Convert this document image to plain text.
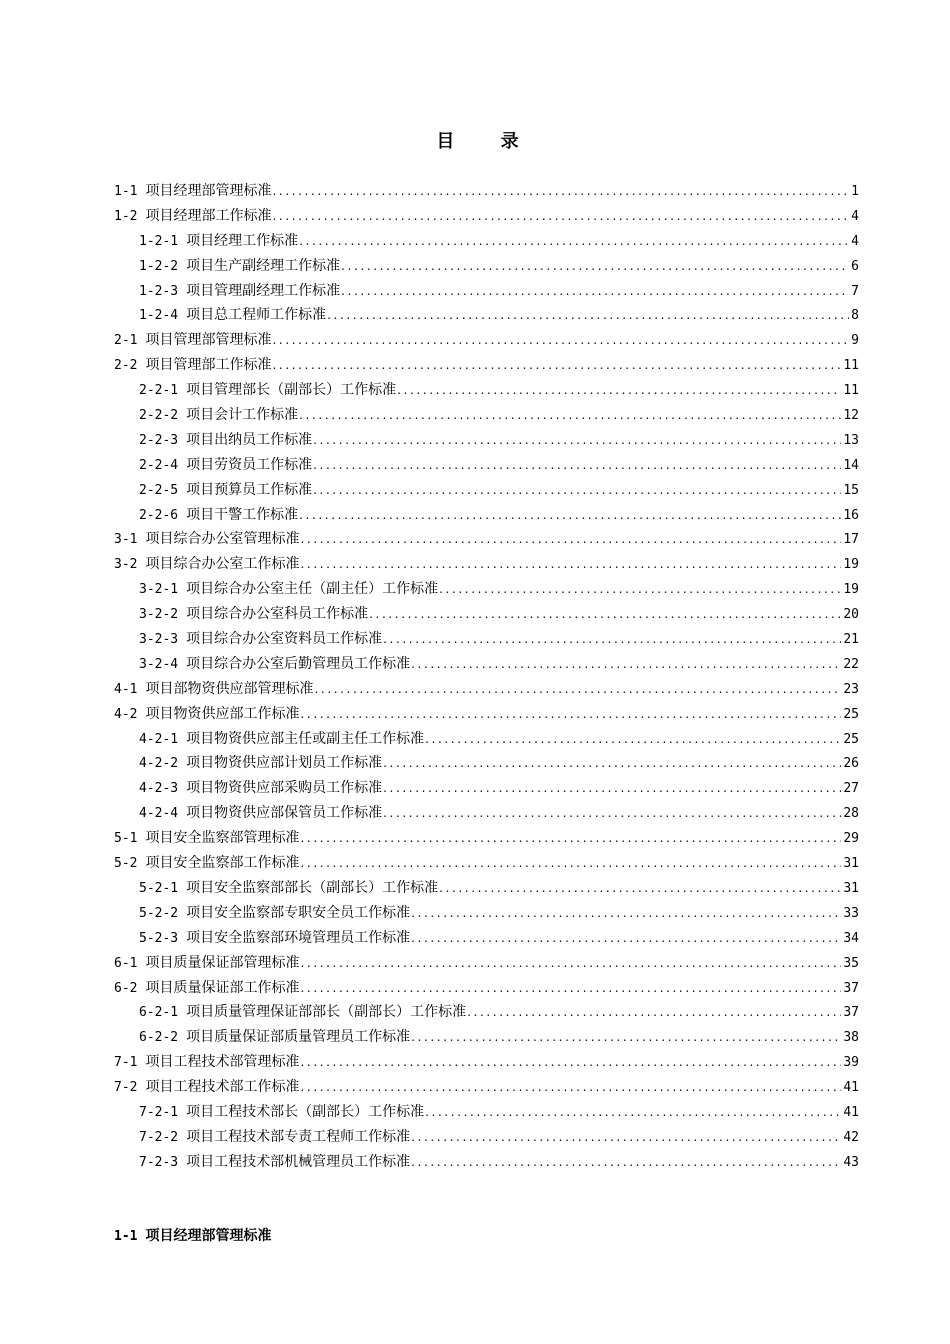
目 录
1-1 项目经理部管理标准 .....	1
1-2 项目经理部工作标准 .....	4
1-2-1 项目经理工作标准 .....	4
1-2-2 项目生产副经理工作标准 .....	6
1-2-3 项目管理副经理工作标准 .....	7
1-2-4 项目总工程师工作标准 .....	8
2-1 项目管理部管理标准 .....	9
2-2 项目管理部工作标准 .....	11
2-2-1 项目管理部长（副部长）工作标准 .....	11
2-2-2 项目会计工作标准 .....	12
2-2-3 项目出纳员工作标准 .....	13
2-2-4 项目劳资员工作标准 .....	14
2-2-5 项目预算员工作标准 .....	15
2-2-6 项目干警工作标准 .....	16
3-1 项目综合办公室管理标准 .....	17
3-2 项目综合办公室工作标准 .....	19
3-2-1 项目综合办公室主任（副主任）工作标准 .....	19
3-2-2 项目综合办公室科员工作标准 .....	20
3-2-3 项目综合办公室资料员工作标准 .....	21
3-2-4 项目综合办公室后勤管理员工作标准 .....	22
4-1 项目部物资供应部管理标准 .....	23
4-2 项目物资供应部工作标准 .....	25
4-2-1 项目物资供应部主任或副主任工作标准 .....	25
4-2-2 项目物资供应部计划员工作标准 .....	26
4-2-3 项目物资供应部采购员工作标准 .....	27
4-2-4 项目物资供应部保管员工作标准 .....	28
5-1 项目安全监察部管理标准 .....	29
5-2 项目安全监察部工作标准 .....	31
5-2-1 项目安全监察部部长（副部长）工作标准 .....	31
5-2-2 项目安全监察部专职安全员工作标准 .....	33
5-2-3 项目安全监察部环境管理员工作标准 .....	34
6-1 项目质量保证部管理标准 .....	35
6-2 项目质量保证部工作标准 .....	37
6-2-1 项目质量管理保证部部长（副部长）工作标准 .....	37
6-2-2 项目质量保证部质量管理员工作标准 .....	38
7-1 项目工程技术部管理标准 .....	39
7-2 项目工程技术部工作标准 .....	41
7-2-1 项目工程技术部长（副部长）工作标准 .....	41
7-2-2 项目工程技术部专责工程师工作标准 .....	42
7-2-3 项目工程技术部机械管理员工作标准 .....	43
1-1 项目经理部管理标准
